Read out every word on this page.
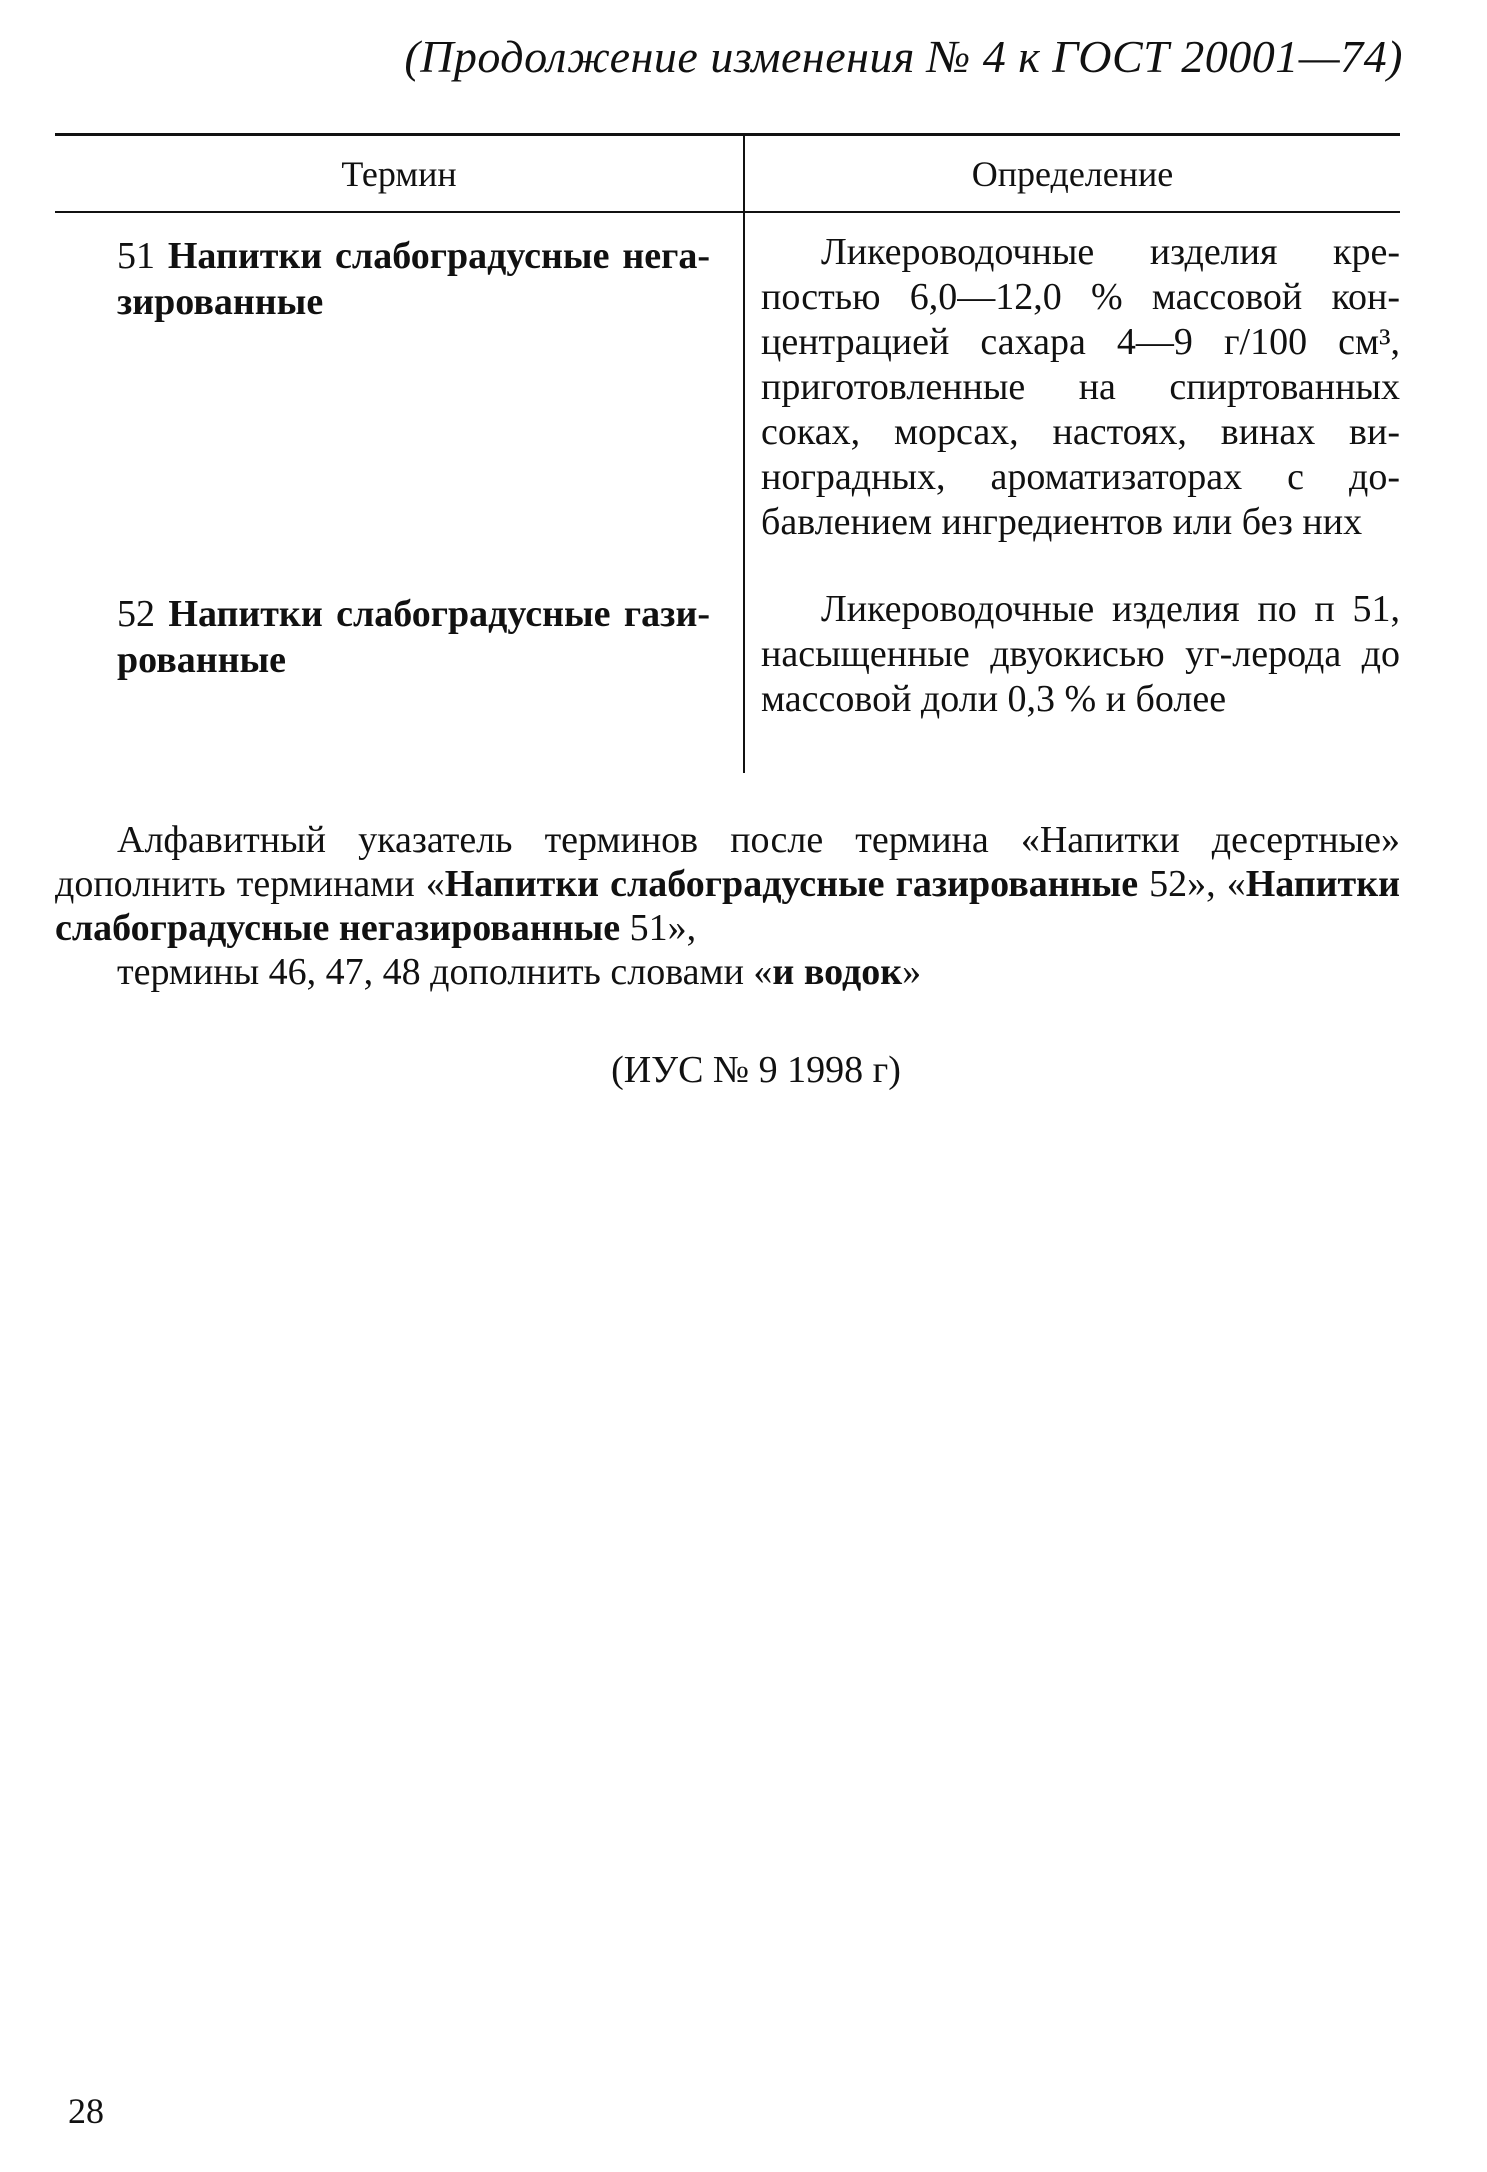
(Продолжение изменения № 4 к ГОСТ 20001—74)
Термин	Определение
51 Напитки слабоградусные нега-зированные
Ликероводочные изделия кре-постью 6,0—12,0 % массовой кон-центрацией сахара 4—9 г/100 см³, приготовленные на спиртованных соках, морсах, настоях, винах ви-ноградных, ароматизаторах с до-бавлением ингредиентов или без них
52 Напитки слабоградусные гази-рованные
Ликероводочные изделия по п 51, насыщенные двуокисью уг-лерода до массовой доли 0,3 % и более
Алфавитный указатель терминов после термина «Напитки десертные» дополнить терминами «Напитки слабоградусные газированные 52», «Напитки слабоградусные негазированные 51»,
термины 46, 47, 48 дополнить словами «и водок»
(ИУС № 9 1998 г)
28
